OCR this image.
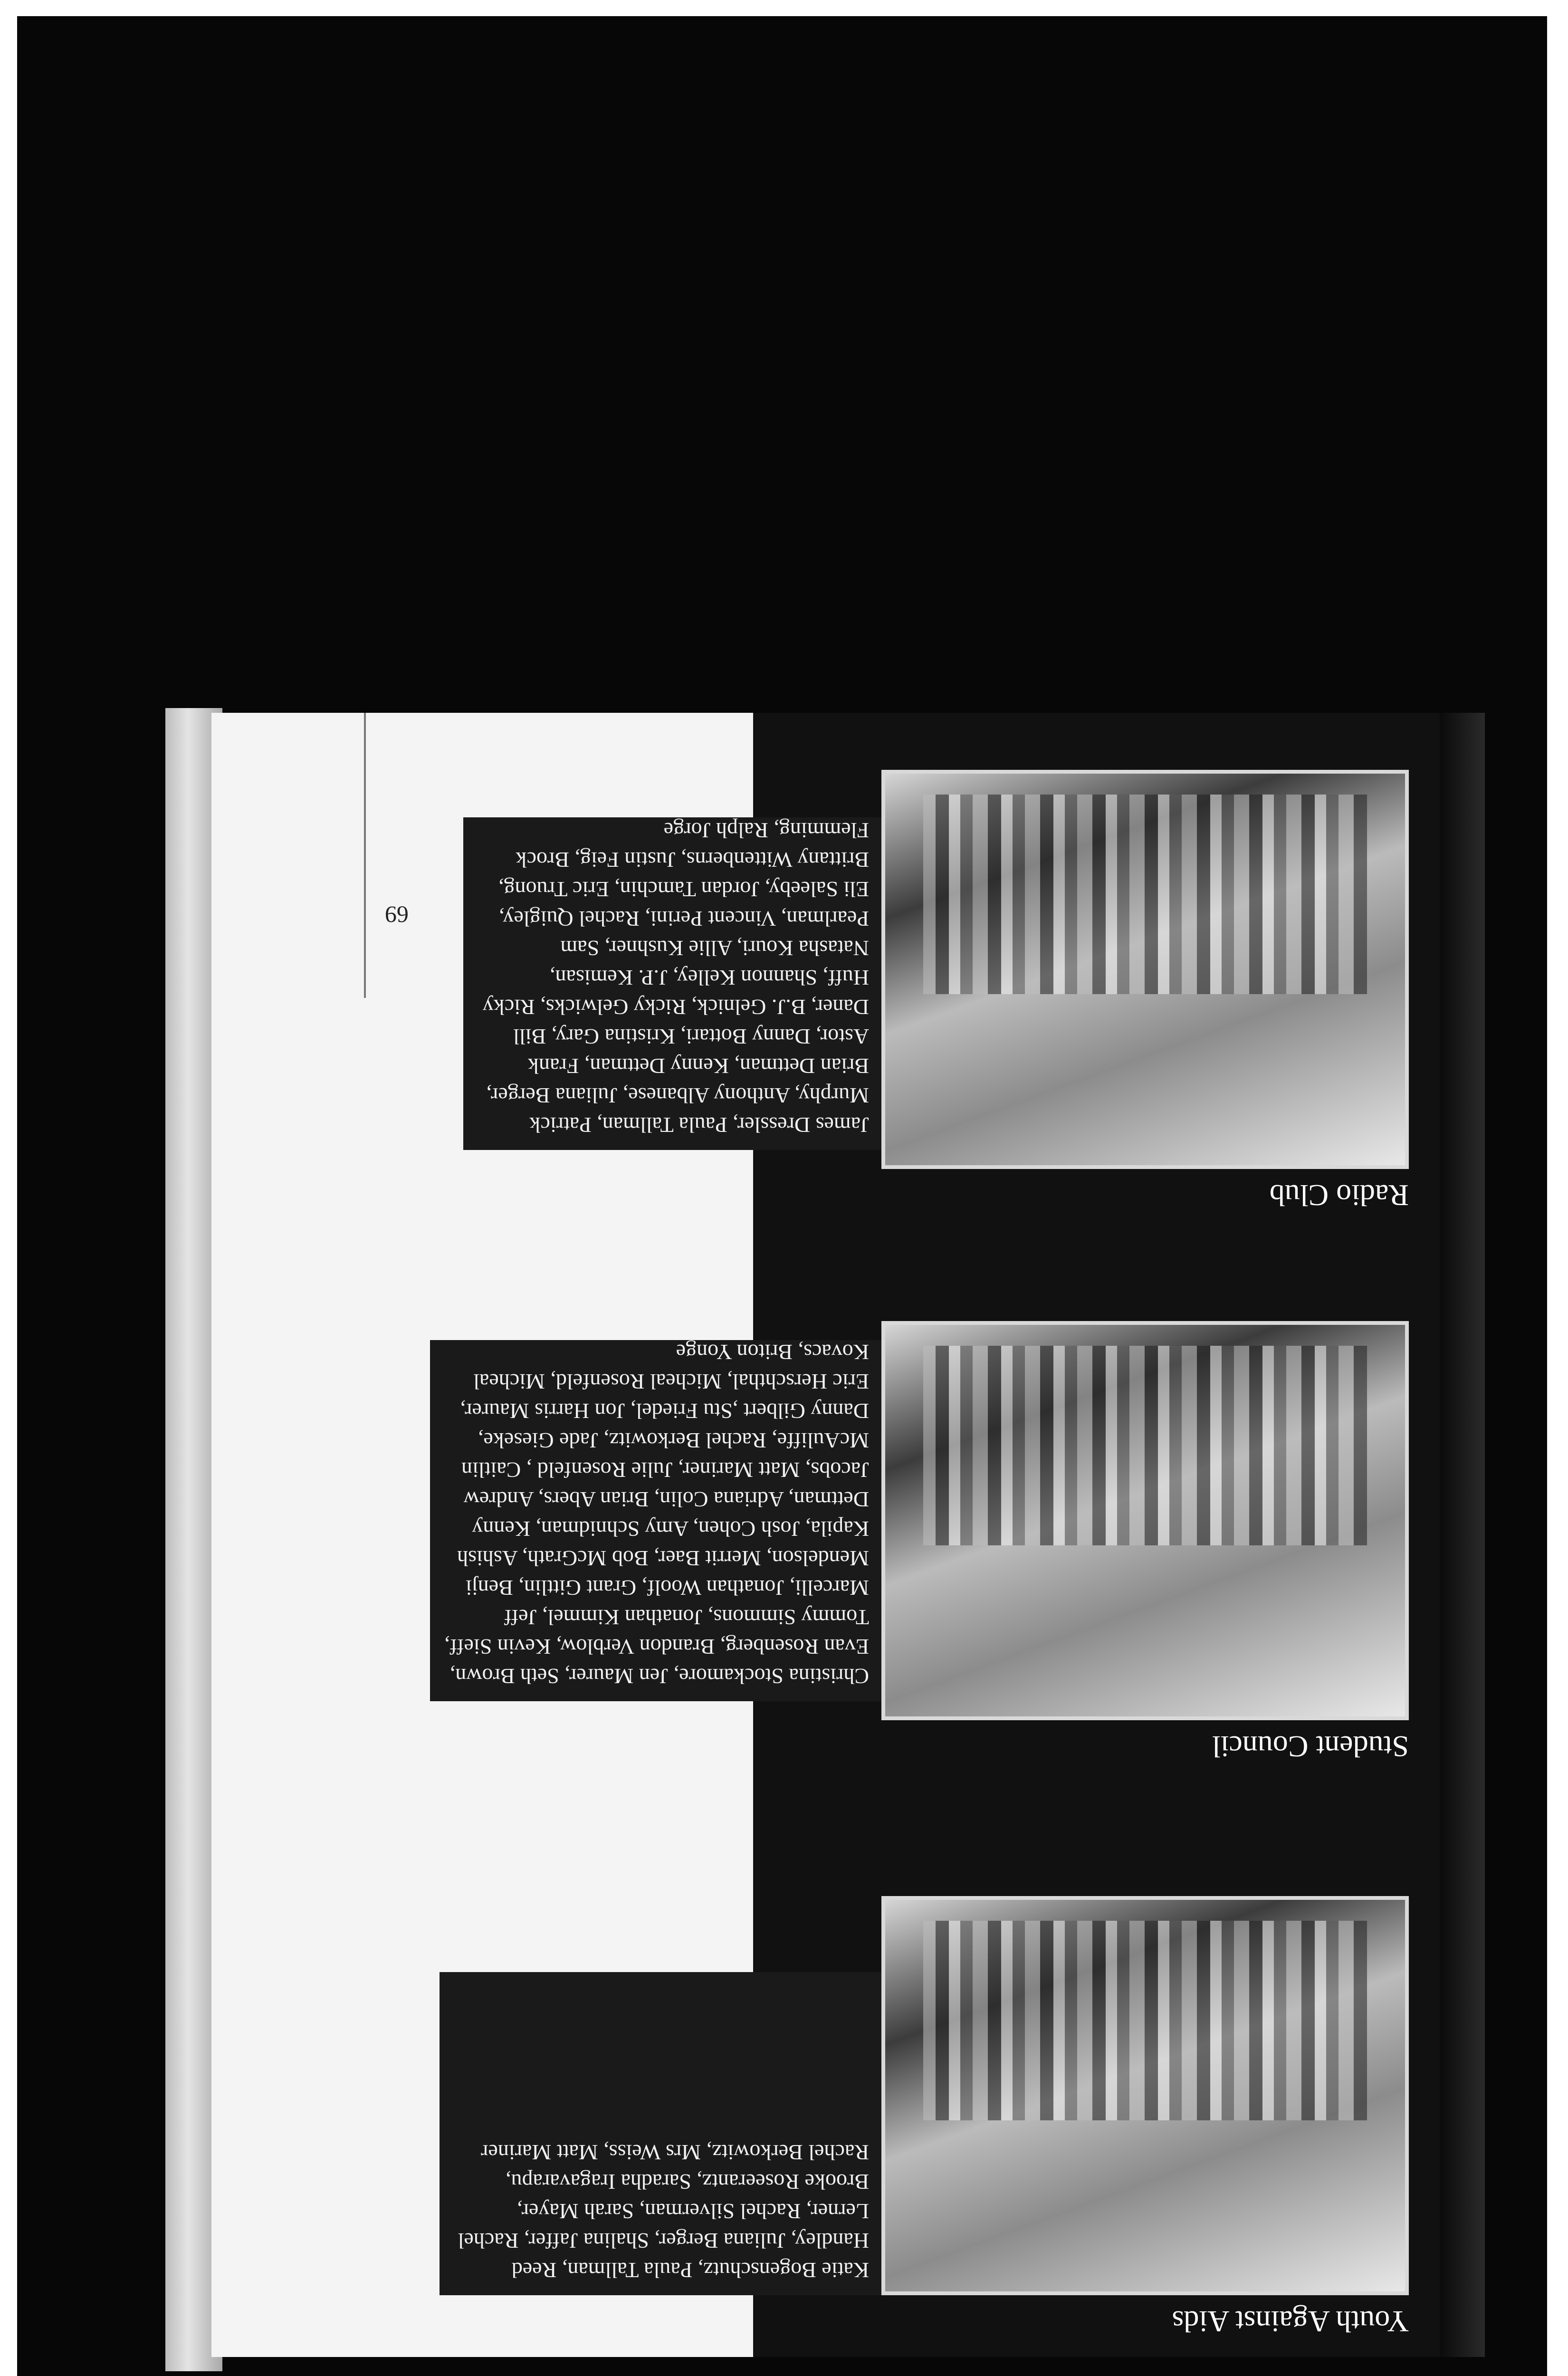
Youth Against Aids
Katie Bogenschutz, Paula Tallman, Reed Handley, Juliana Berger, Shalina Jaffer, Rachel Lerner, Rachel Silverman, Sarah Mayer, Brooke Roseerantz, Saradha Iragavarapu, Rachel Berkowitz, Mrs Weiss, Matt Mariner
Student Council
Christina Stockamore, Jen Maurer, Seth Brown, Evan Rosenberg, Brandon Verblow, Kevin Sieff, Tommy Simmons, Jonathan Kimmel, Jeff Marcelli, Jonathan Woolf, Grant Gittlin, Benji Mendelson, Merrit Baer, Bob McGrath, Ashish Kapila, Josh Cohen, Amy Schnidman, Kenny Dettman, Adriana Colin, Brian Abers, Andrew Jacobs, Matt Mariner, Julie Rosenfeld , Caitlin McAuliffe, Rachel Berkowitz, Jade Gieseke, Danny Gilbert ,Stu Friedel, Jon Harris Maurer, Eric Herschthal, Micheal Rosenfeld, Micheal Kovacs, Briton Yonge
Radio Club
James Dressler, Paula Tallman, Patrick Murphy, Anthony Albanese, Juliana Berger, Brian Dettman, Kenny Dettman, Frank Astor, Danny Bottari, Kristina Gary, Bill Daner, B.J. Gelnick, Ricky Gelwicks, Ricky Huff, Shannon Kelley, J.P. Kemisan, Natasha Kouri, Allie Kushner, Sam Pearlman, Vincent Perini, Rachel Quigley, Eli Saleeby, Jordan Tamchin, Eric Truong, Brittany Wittenberns, Justin Feig, Brock Flemming, Ralph Jorge
69
